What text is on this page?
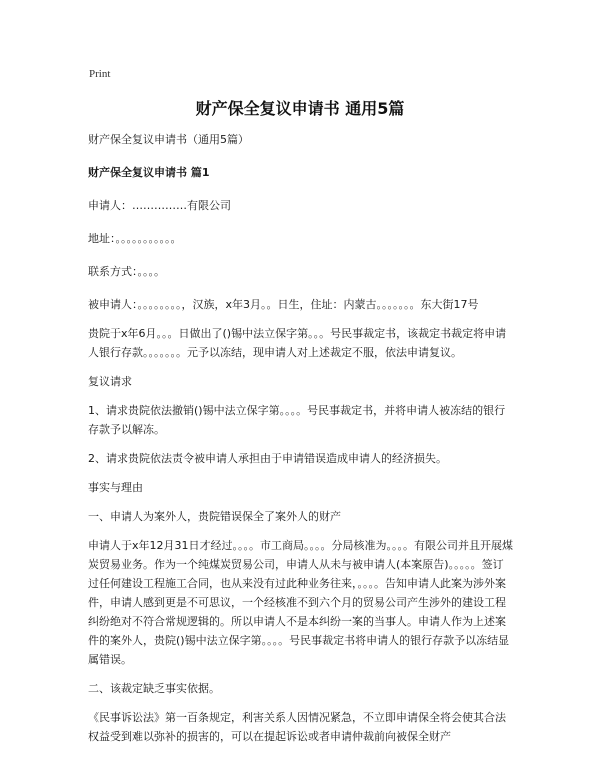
Print
财产保全复议申请书 通用5篇

财产保全复议申请书（通用5篇）

财产保全复议申请书 篇1

申请人：……………有限公司

地址：。。。。。。。。。。。

联系方式：。。。。

被申请人：。。。。。。。。，汉族，x年3月。。日生，住址：内蒙古。。。。。。。东大街17号

贵院于x年6月。。。日做出了()锡中法立保字第。。。号民事裁定书，该裁定书裁定将申请人银行存款。。。。。。。元予以冻结，现申请人对上述裁定不服，依法申请复议。

复议请求

1、请求贵院依法撤销()锡中法立保字第。。。。号民事裁定书，并将申请人被冻结的银行存款予以解冻。

2、请求贵院依法责令被申请人承担由于申请错误造成申请人的经济损失。

事实与理由

一、申请人为案外人，贵院错误保全了案外人的财产

申请人于x年12月31日才经过。。。。市工商局。。。。分局核准为。。。。有限公司并且开展煤炭贸易业务。作为一个纯煤炭贸易公司，申请人从未与被申请人(本案原告)。。。。。签订过任何建设工程施工合同，也从来没有过此种业务往来，。。。。告知申请人此案为涉外案件，申请人感到更是不可思议，一个经核准不到六个月的贸易公司产生涉外的建设工程纠纷绝对不符合常规逻辑的。所以申请人不是本纠纷一案的当事人。申请人作为上述案件的案外人，贵院()锡中法立保字第。。。。号民事裁定书将申请人的银行存款予以冻结显属错误。

二、该裁定缺乏事实依据。

《民事诉讼法》第一百条规定，利害关系人因情况紧急，不立即申请保全将会使其合法权益受到难以弥补的损害的，可以在提起诉讼或者申请仲裁前向被保全财产
